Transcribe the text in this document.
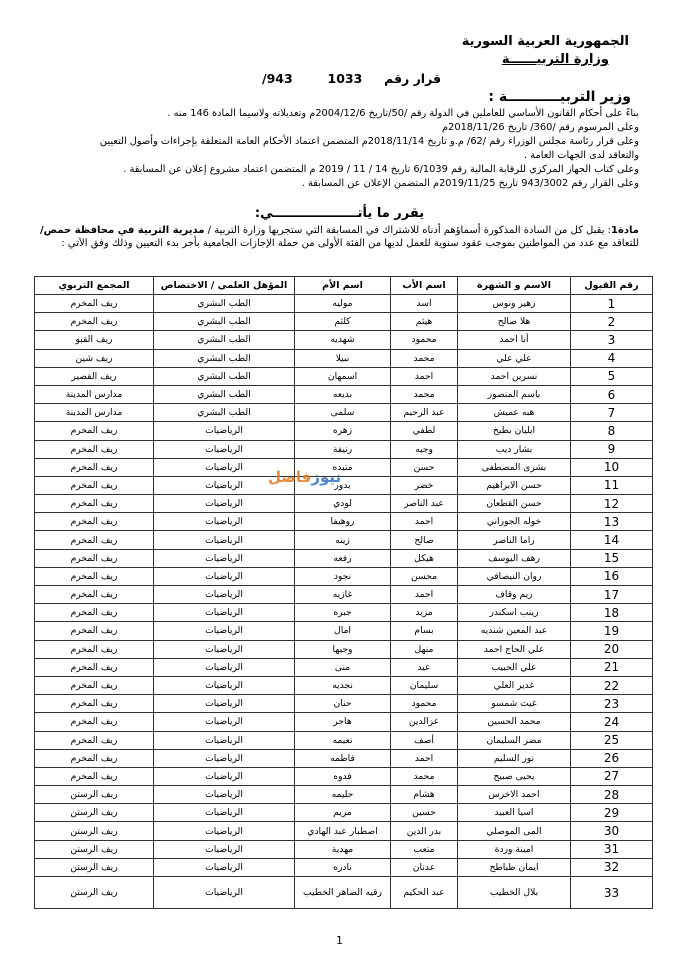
الجمهورية العربية السورية
وزارة التربيــــــة
قرار رقم     1033        943/
وزير التربيـــــــــــة :
بناءً على أحكام القانون الأساسي للعاملين في الدولة رقم /50/تاريخ 2004/12/6م وتعديلاته ولاسيما المادة 146 منه .
وعلى المرسوم رقم /360/ تاريخ 2018/11/26م
وعلى قرار رئاسة مجلس الوزراء رقم /62/ م.و تاريخ 2018/11/14م المتضمن اعتماد الأحكام العامة المتعلقة بإجراءات وأصول التعيين
والتعاقد لدى الجهات العامة .
وعلى كتاب الجهاز المركزي للرقابة المالية رقم 6/1039 تاريخ 14 / 11 / 2019 م المتضمن اعتماد مشروع إعلان عن المسابقة .
وعلى القرار رقم 943/3002 تاريخ 2019/11/25م المتضمن الإعلان عن المسابقة .
يقرر ما يأتـــــــــــــــــــي:
مادة1: يقبل كل من السادة المذكورة أسماؤهم أدناه للاشتراك في المسابقة التي ستجريها وزارة التربية / مديرية التربية في محافظة حمص/ للتعاقد مع عدد من المواطنين بموجب عقود سنوية للعمل لديها من الفئة الأولى من حملة الإجازات الجامعية بأجر بدء التعيين وذلك وفق الآتي :
رقم القبول	الاسم و الشهرة	اسم الأب	اسم الأم	المؤهل العلمي / الاختصاص	المجمع التربوي
1	زهير ونوس	اسد	موليه	الطب البشري	ريف المخرم
2	هلا صالح	هيثم	كلثم	الطب البشري	ريف المخرم
3	أنا احمد	محمود	شهديه	الطب البشري	ريف القبو
4	علي علي	محمد	نبيلا	الطب البشري	ريف شين
5	نسرين احمد	احمد	اسمهان	الطب البشري	ريف القصير
6	باسم المنصور	محمد	بديعه	الطب البشري	مدارس المدينة
7	هبه عميش	عبد الرحيم	سلمى	الطب البشري	مدارس المدينة
8	ايليان بطيخ	لطفي	زهره	الرياضيات	ريف المخرم
9	بشار ديب	وجيه	رنيفة	الرياضيات	ريف المخرم
10	بشرى المصطفى	حسن	متيده	الرياضيات	ريف المخرم
11	حسن الابراهيم	خضر	بدور	الرياضيات	ريف المخرم
12	حسن القطعان	عبد الناصر	لودي	الرياضيات	ريف المخرم
13	خوله الجوراني	احمد	روهيفا	الرياضيات	ريف المخرم
14	راما الناصر	صالح	زينه	الرياضيات	ريف المخرم
15	رهف اليوسف	هيكل	رفعه	الرياضيات	ريف المخرم
16	روان النيصافي	محسن	نجود	الرياضيات	ريف المخرم
17	ريم وقاف	احمد	غازيه	الرياضيات	ريف المخرم
18	زينب اسكندر	مزيد	جبره	الرياضيات	ريف المخرم
19	عبد المعين شنديه	بسام	امال	الرياضيات	ريف المخرم
20	علي الحاج احمد	منهل	وجيها	الرياضيات	ريف المخرم
21	علي الحبيب	عيد	منى	الرياضيات	ريف المخرم
22	غدير العلي	سليمان	نجديه	الرياضيات	ريف المخرم
23	غيث شمسو	محمود	حنان	الرياضيات	ريف المخرم
24	محمد الحسين	عزالدين	هاجر	الرياضيات	ريف المخرم
25	مضر السليمان	أصف	نعيمه	الرياضيات	ريف المخرم
26	نور السليم	احمد	فاطمه	الرياضيات	ريف المخرم
27	يحيى صبيح	محمد	فدوه	الرياضيات	ريف المخرم
28	احمد الاخرس	هشام	حليمه	الرياضيات	ريف الرستن
29	اسيا العبيد	حسين	مريم	الرياضيات	ريف الرستن
30	المى الموصلي	بدر الدين	اصطبار عبد الهادي	الرياضيات	ريف الرستن
31	امينة وردة	متعب	مهدية	الرياضيات	ريف الرستن
32	ايمان طباطح	عدنان	نادره	الرياضيات	ريف الرستن
33	بلال الخطيب	عبد الحكيم	رقيه الضاهر الخطيب	الرياضيات	ريف الرستن
نيوزفاصل
1
